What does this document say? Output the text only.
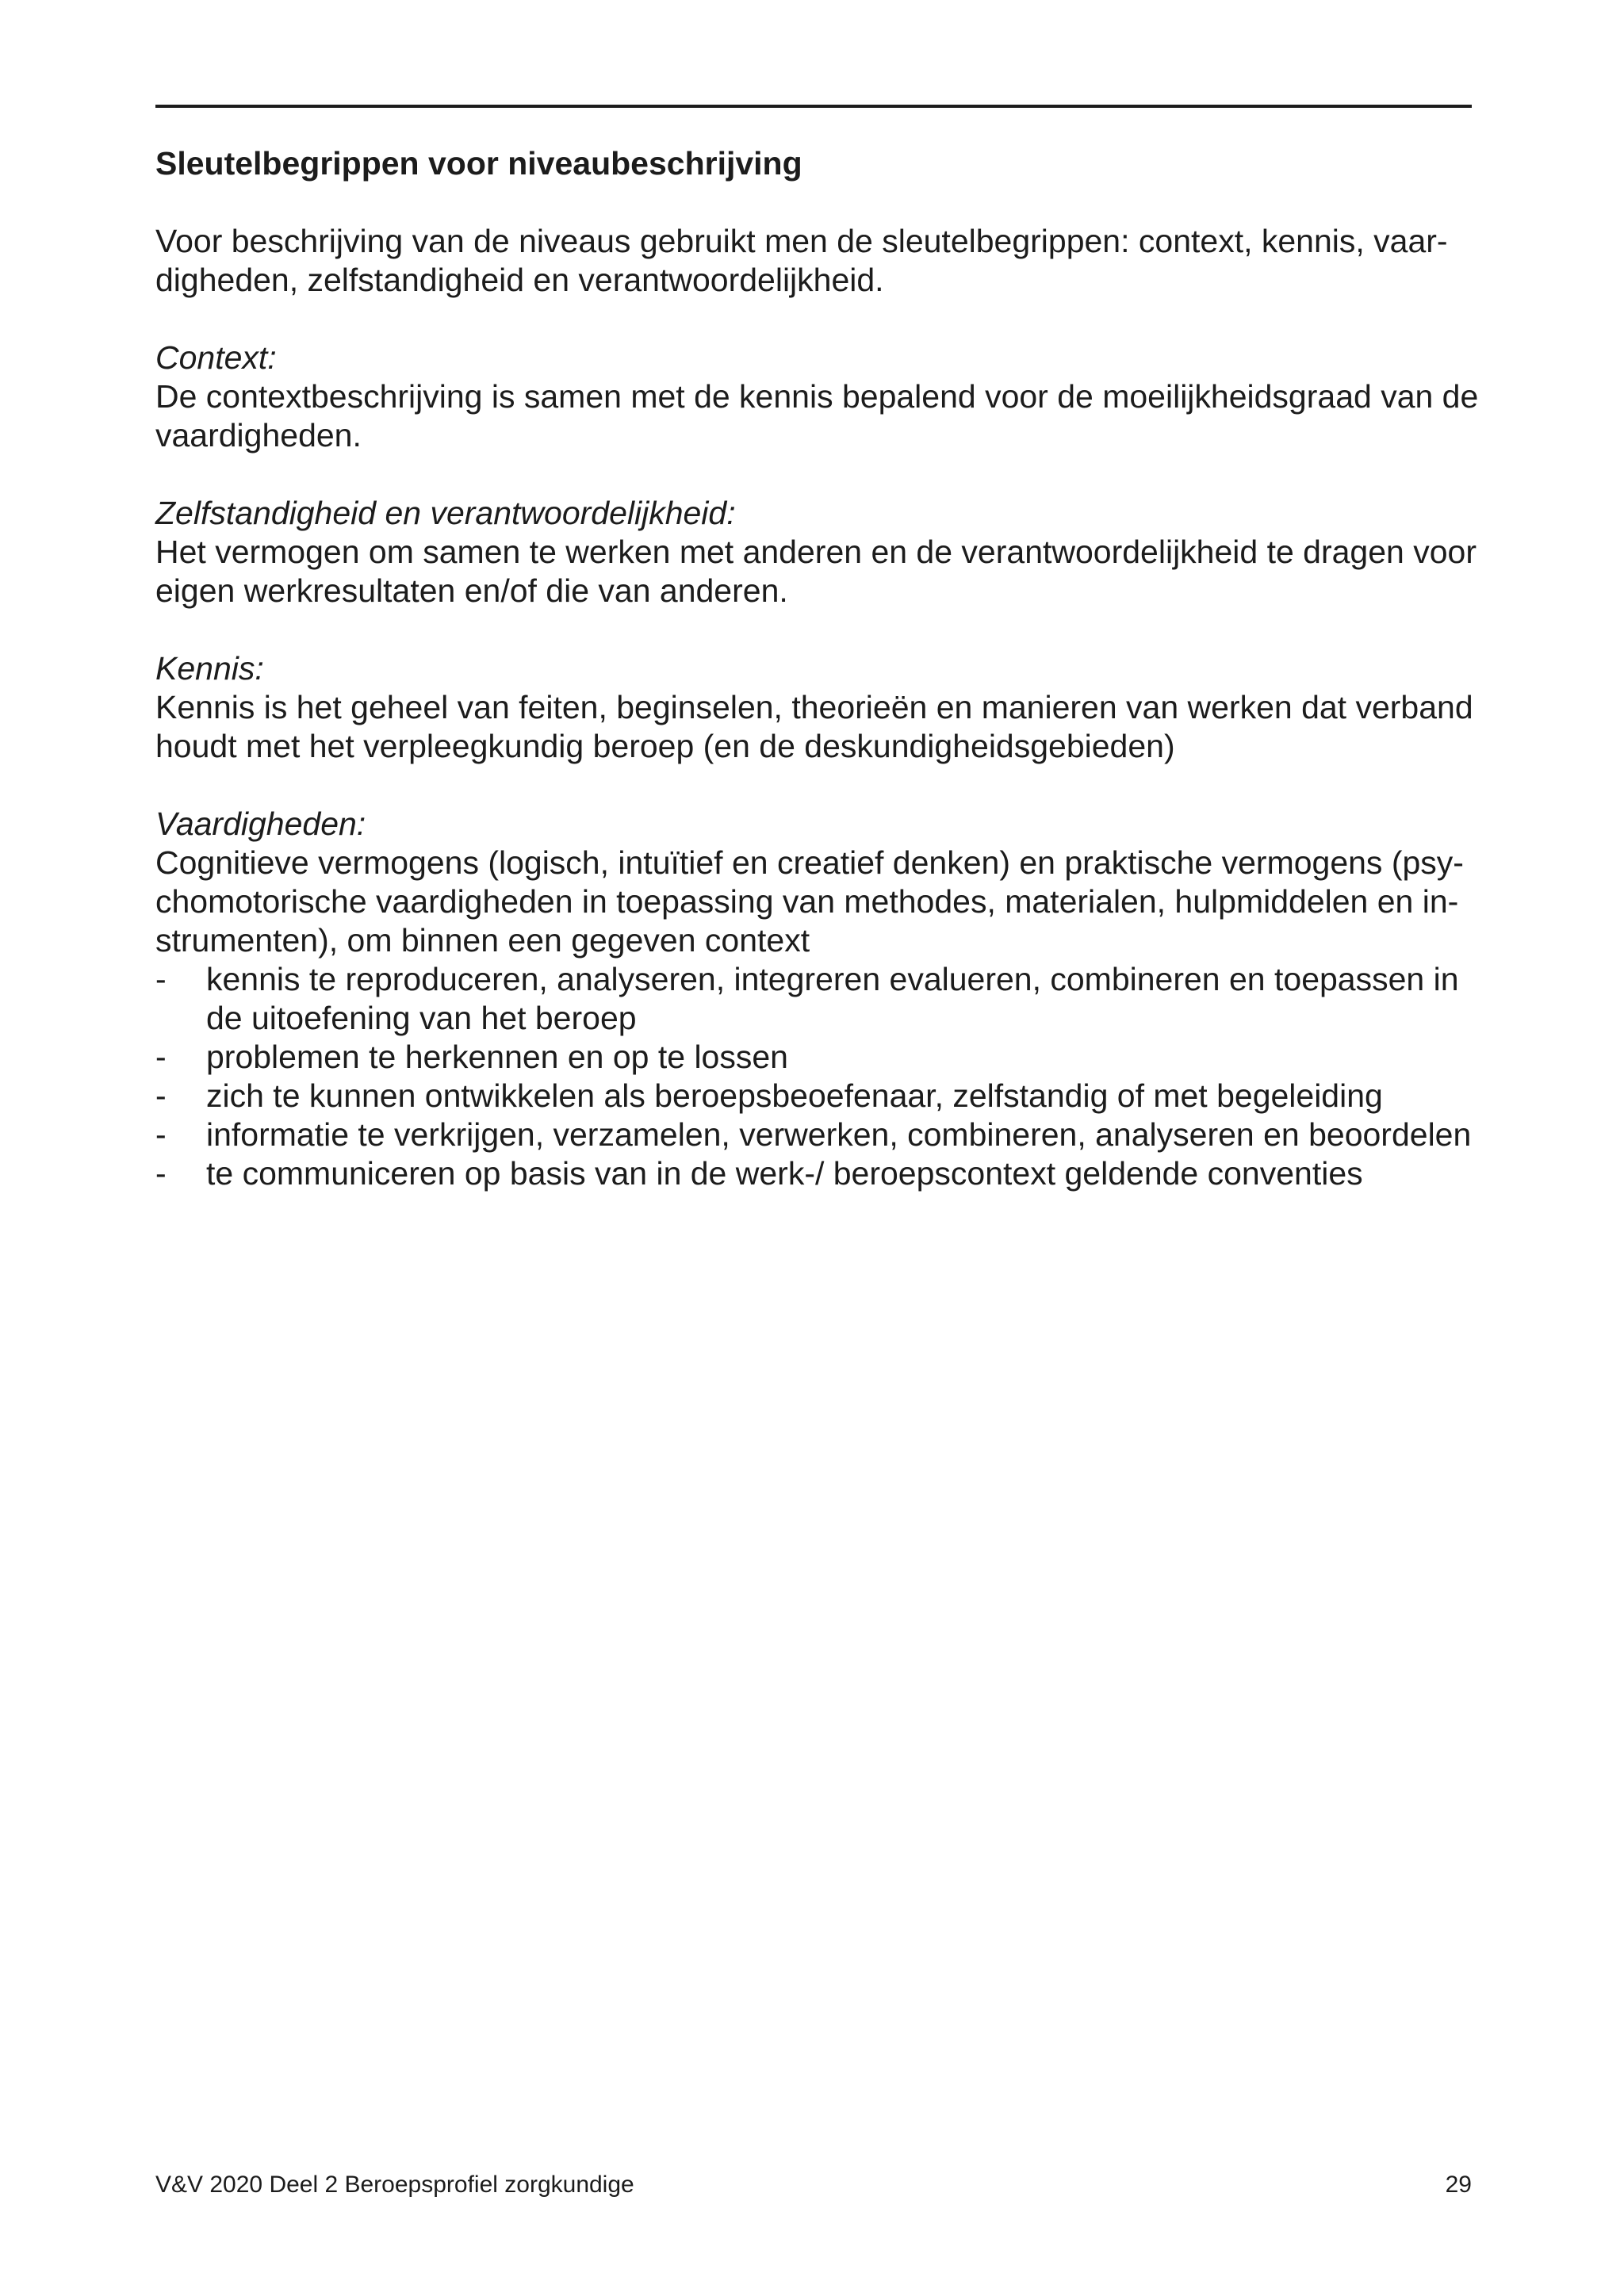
Sleutelbegrippen voor niveaubeschrijving
Voor beschrijving van de niveaus gebruikt men de sleutelbegrippen: context, kennis, vaar-
digheden, zelfstandigheid en verantwoordelijkheid.
Context:
De contextbeschrijving is samen met de kennis bepalend voor de moeilijkheidsgraad van de
vaardigheden.
Zelfstandigheid en verantwoordelijkheid:
Het vermogen om samen te werken met anderen en de verantwoordelijkheid te dragen voor
eigen werkresultaten en/of die van anderen.
Kennis:
Kennis is het geheel van feiten, beginselen, theorieën en manieren van werken dat verband
houdt met het verpleegkundig beroep (en de deskundigheidsgebieden)
Vaardigheden:
Cognitieve vermogens (logisch, intuïtief en creatief denken) en praktische vermogens (psy-
chomotorische vaardigheden in toepassing van methodes, materialen, hulpmiddelen en in-
strumenten), om binnen een gegeven context
- kennis te reproduceren, analyseren, integreren evalueren, combineren en toepassen in
de uitoefening van het beroep
- problemen te herkennen en op te lossen
- zich te kunnen ontwikkelen als beroepsbeoefenaar, zelfstandig of met begeleiding
- informatie te verkrijgen, verzamelen, verwerken, combineren, analyseren en beoordelen
- te communiceren op basis van in de werk-/ beroepscontext geldende conventies
V&V 2020 Deel 2 Beroepsprofiel zorgkundige	29
